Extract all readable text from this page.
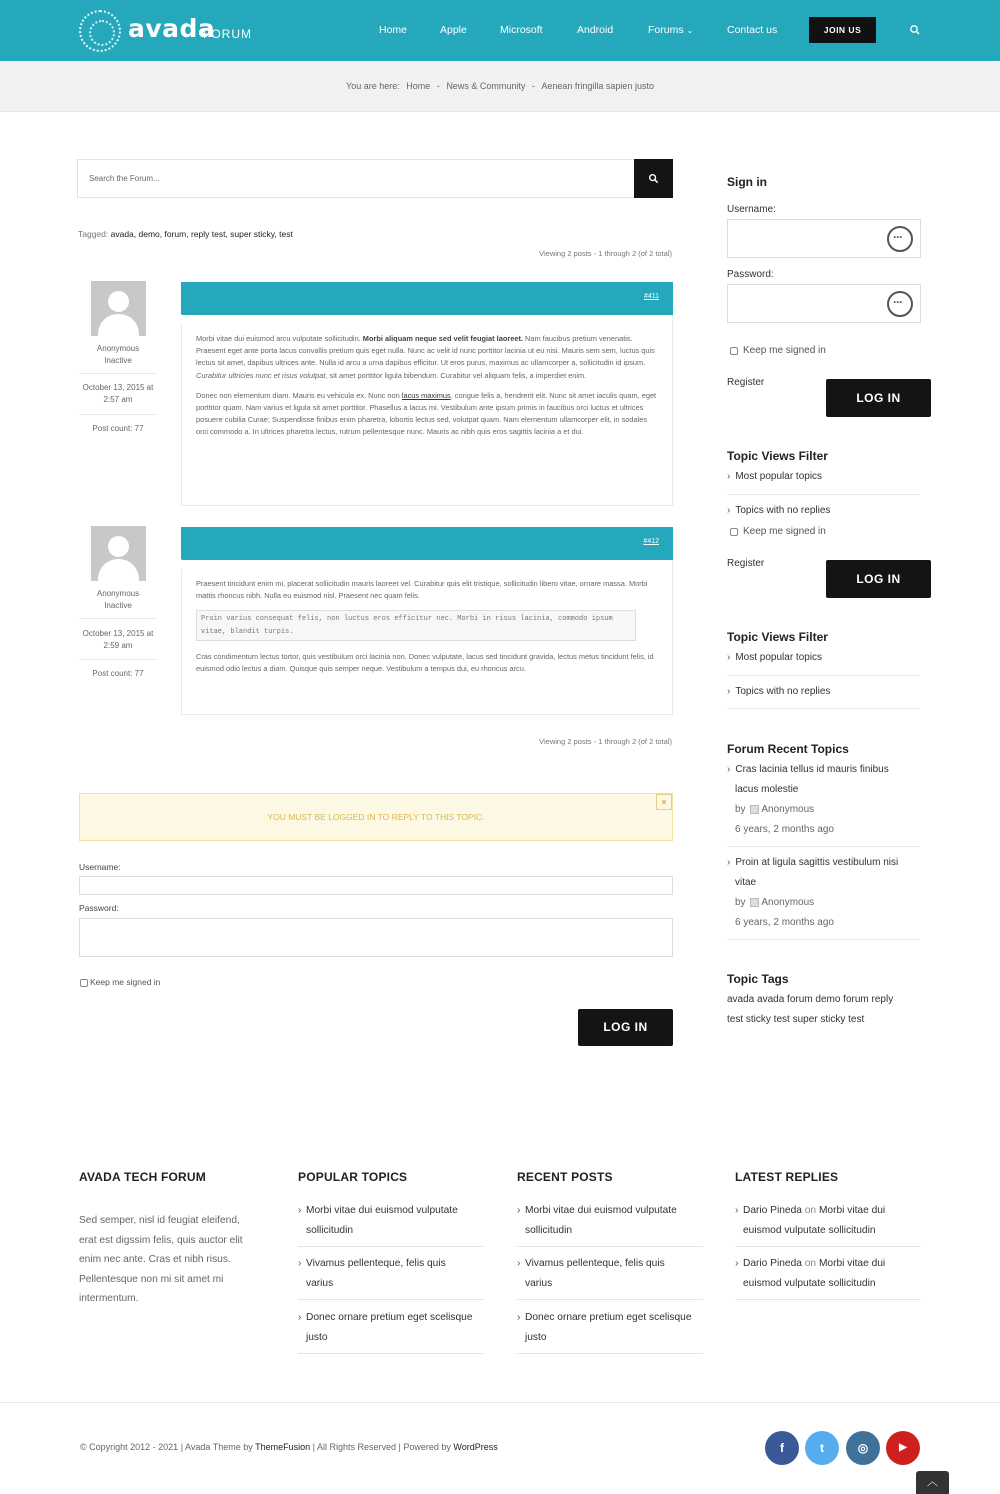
avada
FORUM	Home	Apple	Microsoft	Android	Forums ⌄	Contact us	JOIN US
You are here: Home - News & Community - Aenean fringilla sapien justo
Search the Forum...
Tagged: avada, demo, forum, reply test, super sticky, test
Viewing 2 posts - 1 through 2 (of 2 total)
Anonymous
Inactive
October 13, 2015 at 2:57 am
Post count: 77
#411

Morbi vitae dui euismod arcu vulputate sollicitudin. Morbi aliquam neque sed velit feugiat laoreet. Nam faucibus pretium venenatis. Praesent eget ante porta lacus convallis pretium quis eget nulla. Nunc ac velit id nunc porttitor lacinia ut eu nisi. Mauris sem sem, luctus quis lectus sit amet, dapibus ultrices ante. Nulla id arcu a urna dapibus efficitur. Ut eros purus, maximus ac ullamcorper a, sollicitudin id ipsum. Curabitur ultricies nunc et risus volutpat, sit amet porttitor ligula bibendum. Curabitur vel aliquam felis, a imperdiet enim.

Donec non elementum diam. Mauris eu vehicula ex. Nunc non lacus maximus, congue felis a, hendrerit elit. Nunc sit amet iaculis quam, eget porttitor quam. Nam varius et ligula sit amet porttitor. Phasellus a lacus mi. Vestibulum ante ipsum primis in faucibus orci luctus et ultrices posuere cubilia Curae; Suspendisse finibus enim pharetra, lobortis lectus sed, volutpat quam. Nam elementum ullamcorper elit, in sodales orci commodo a. In ultrices pharetra lectus, rutrum pellentesque nunc. Mauris ac nibh quis eros sagittis lacinia a et dui.

Anonymous
Inactive
October 13, 2015 at 2:59 am
Post count: 77
#412

Praesent tincidunt enim mi, placerat sollicitudin mauris laoreet vel. Curabitur quis elit tristique, sollicitudin libero vitae, ornare massa. Morbi mattis rhoncus nibh. Nulla eu euismod nisl. Praesent nec quam felis.

Proin varius consequat felis, non luctus eros efficitur nec. Morbi in risus lacinia, commodo ipsum vitae, blandit turpis.

Cras condimentum lectus tortor, quis vestibulum orci lacinia non. Donec vulputate, lacus sed tincidunt gravida, lectus metus tincidunt felis, id euismod odio lectus a diam. Quisque quis semper neque. Vestibulum a tempus dui, eu rhoncus arcu.

Viewing 2 posts - 1 through 2 (of 2 total)
YOU MUST BE LOGGED IN TO REPLY TO THIS TOPIC.
×
Username:
Password:
Keep me signed in
LOG IN
Sign in
Username:
···
Password:
···
Keep me signed in
Register
LOG IN
Topic Views Filter
› Most popular topics
› Topics with no replies
Keep me signed in
Register
LOG IN
Topic Views Filter
› Most popular topics
› Topics with no replies
Forum Recent Topics
› Cras lacinia tellus id mauris finibus
lacus molestie
by Anonymous
6 years, 2 months ago
› Proin at ligula sagittis vestibulum nisi
vitae
by Anonymous
6 years, 2 months ago
Topic Tags
avada avada forum demo forum reply
test sticky test super sticky test
AVADA TECH FORUM
Sed semper, nisl id feugiat eleifend,
erat est digssim felis, quis auctor elit
enim nec ante. Cras et nibh risus.
Pellentesque non mi sit amet mi
intermentum.
POPULAR TOPICS
› Morbi vitae dui euismod vulputate
sollicitudin
› Vivamus pellenteque, felis quis
varius
› Donec ornare pretium eget scelisque
justo
RECENT POSTS
› Morbi vitae dui euismod vulputate
sollicitudin
› Vivamus pellenteque, felis quis
varius
› Donec ornare pretium eget scelisque
justo
LATEST REPLIES
› Dario Pineda on Morbi vitae dui
euismod vulputate sollicitudin
› Dario Pineda on Morbi vitae dui
euismod vulputate sollicitudin
© Copyright 2012 - 2021 | Avada Theme by ThemeFusion | All Rights Reserved | Powered by WordPress	f	t	◎	▶
︿
